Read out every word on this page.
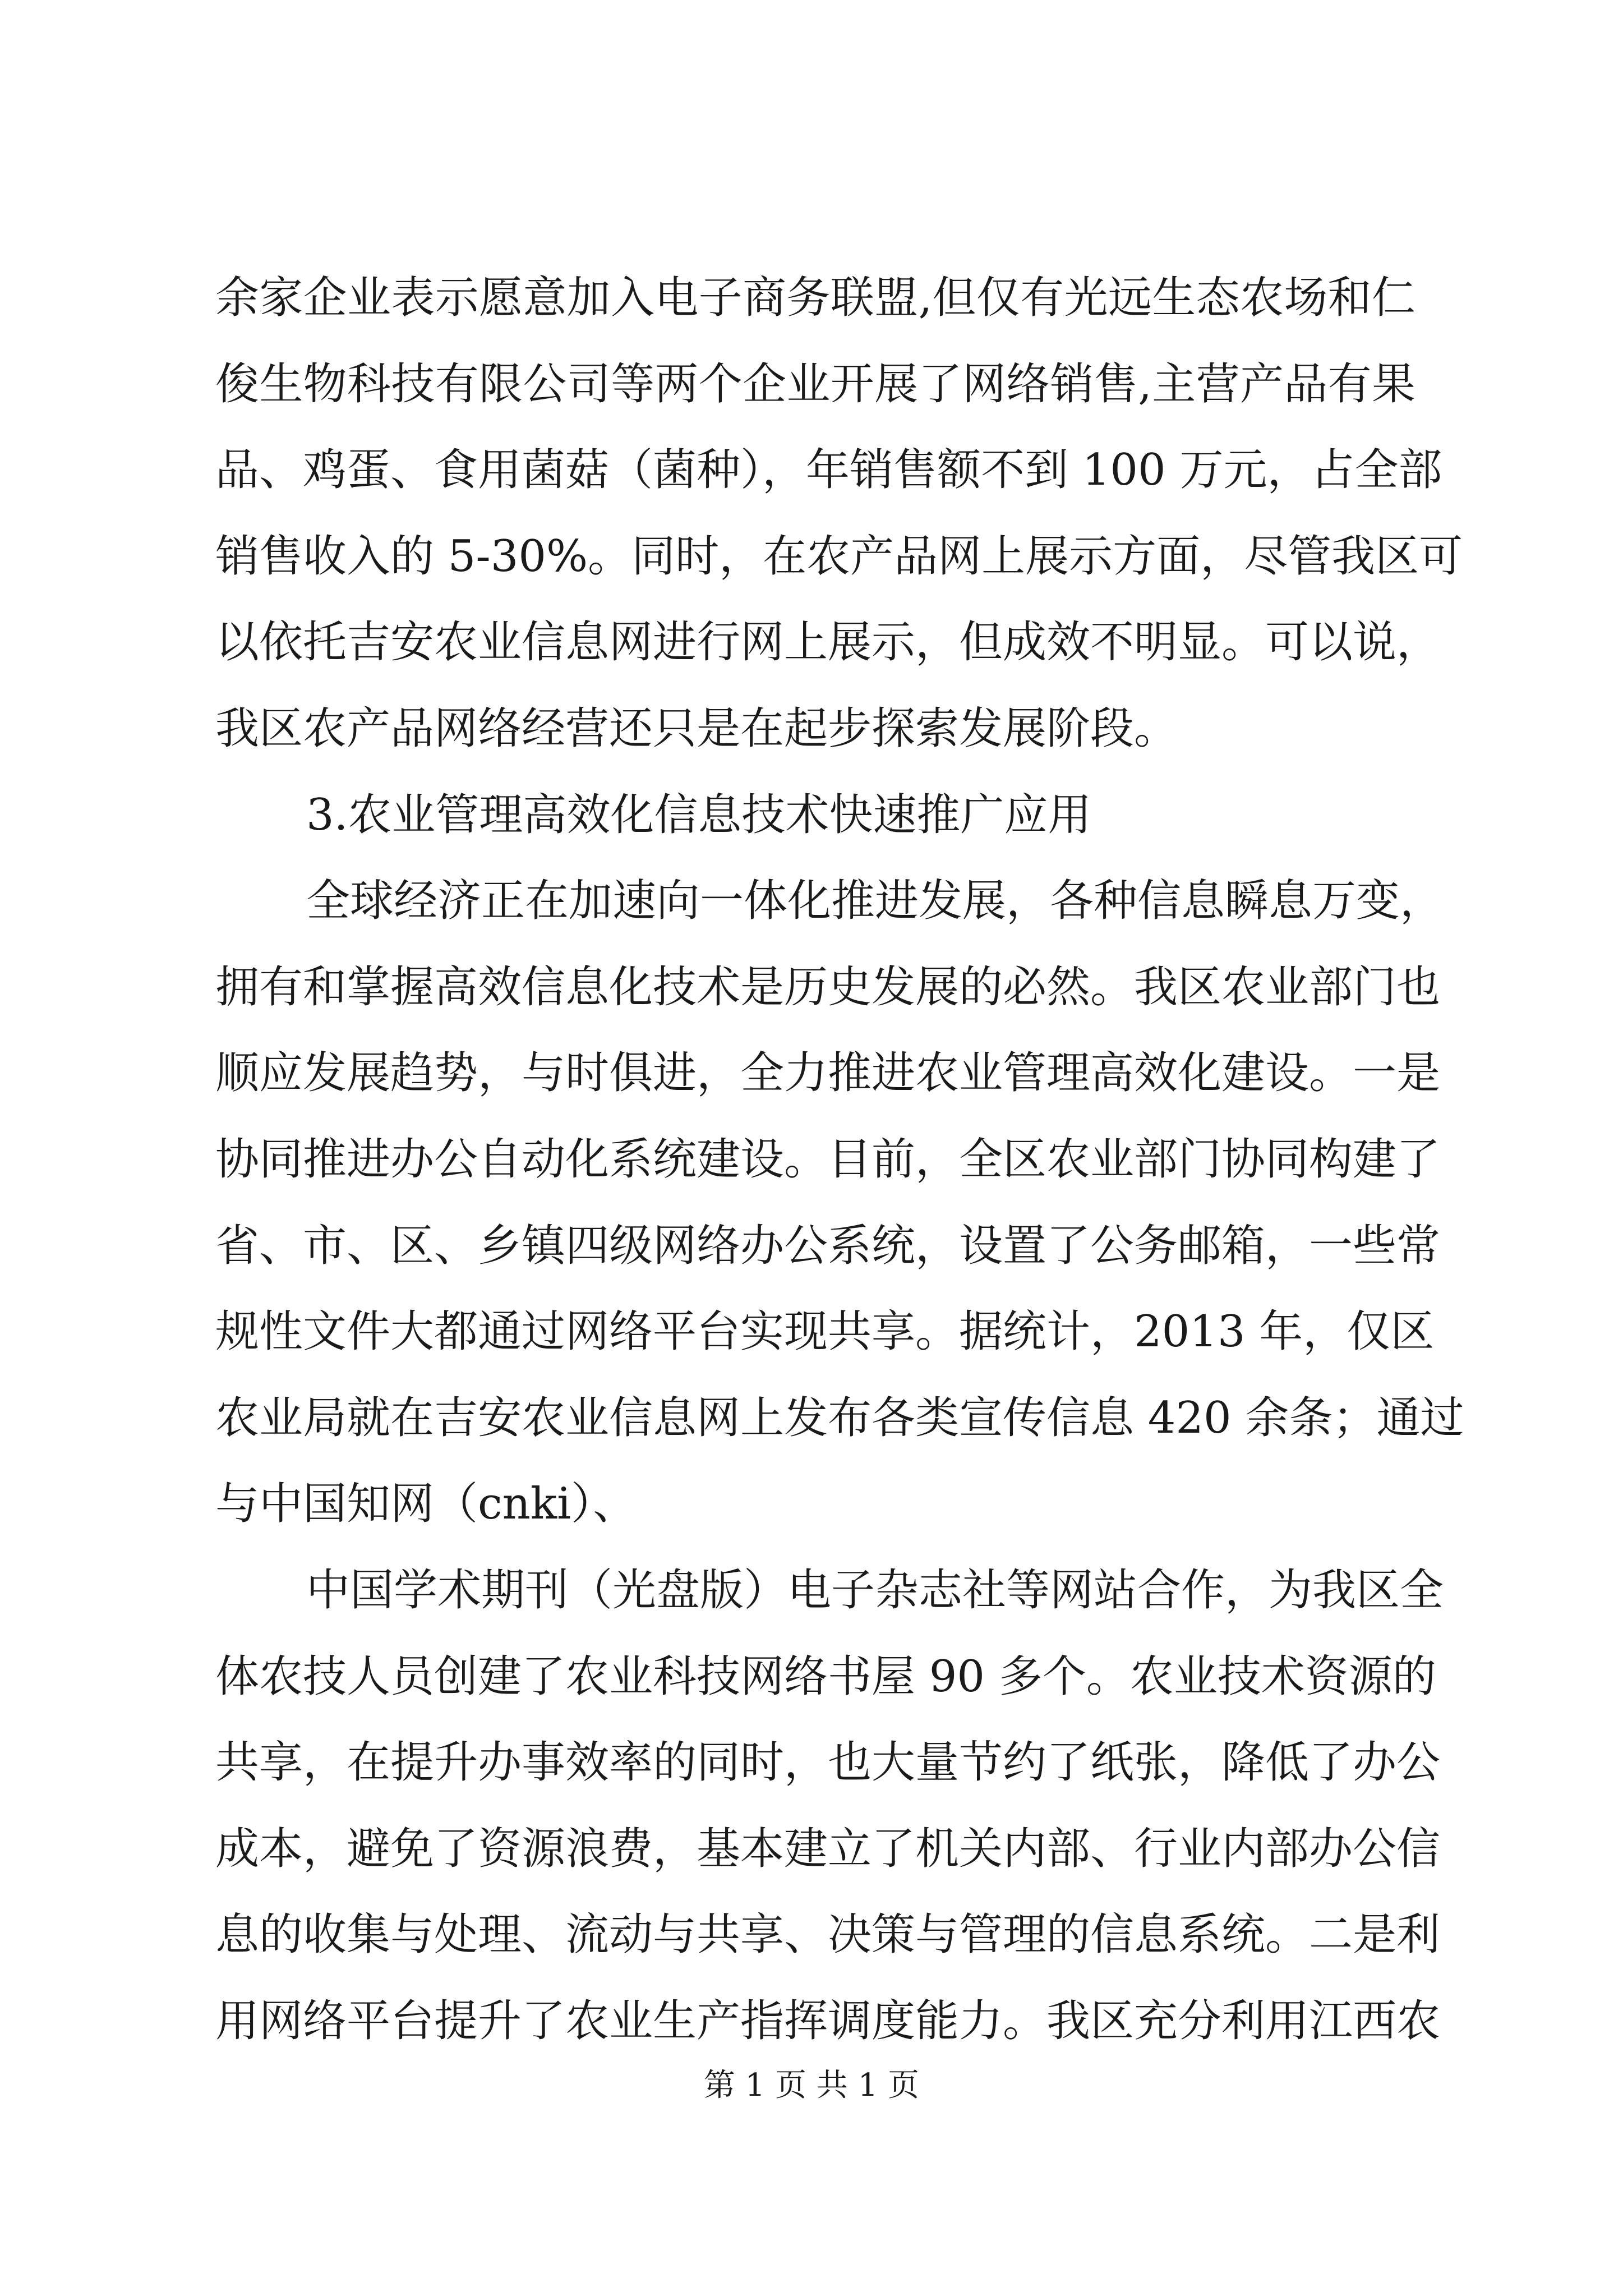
余家企业表示愿意加入电子商务联盟,但仅有光远生态农场和仁
俊生物科技有限公司等两个企业开展了网络销售,主营产品有果
品、鸡蛋、食用菌菇（菌种），年销售额不到 100 万元，占全部
销售收入的 5-30%。同时，在农产品网上展示方面，尽管我区可
以依托吉安农业信息网进行网上展示，但成效不明显。可以说，
我区农产品网络经营还只是在起步探索发展阶段。
3.农业管理高效化信息技术快速推广应用
全球经济正在加速向一体化推进发展，各种信息瞬息万变，
拥有和掌握高效信息化技术是历史发展的必然。我区农业部门也
顺应发展趋势，与时俱进，全力推进农业管理高效化建设。一是
协同推进办公自动化系统建设。目前，全区农业部门协同构建了
省、市、区、乡镇四级网络办公系统，设置了公务邮箱，一些常
规性文件大都通过网络平台实现共享。据统计，2013 年，仅区
农业局就在吉安农业信息网上发布各类宣传信息 420 余条；通过
与中国知网（cnki）、
中国学术期刊（光盘版）电子杂志社等网站合作，为我区全
体农技人员创建了农业科技网络书屋 90 多个。农业技术资源的
共享，在提升办事效率的同时，也大量节约了纸张，降低了办公
成本，避免了资源浪费，基本建立了机关内部、行业内部办公信
息的收集与处理、流动与共享、决策与管理的信息系统。二是利
用网络平台提升了农业生产指挥调度能力。我区充分利用江西农
第 1 页 共 1 页
